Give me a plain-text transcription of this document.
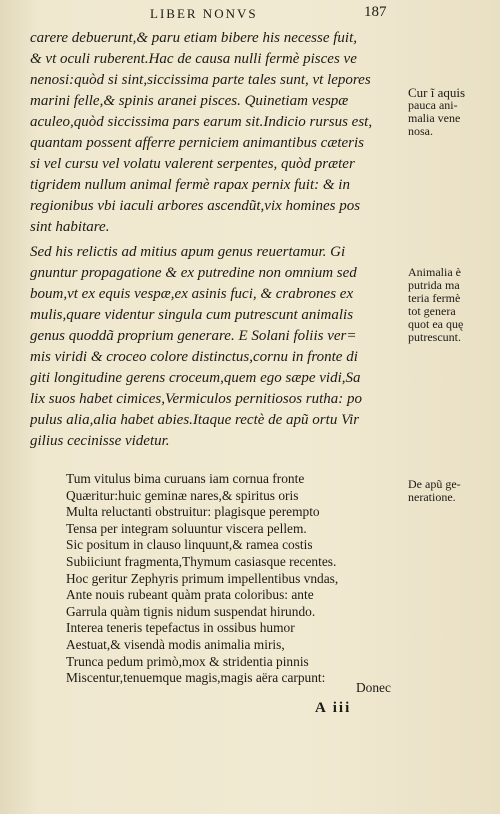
LIBER NONVS	187
carere debuerunt,& paru etiam bibere his necesse fuit,
& vt oculi ruberent.Hac de causa nulli fermè pisces ve
nenosi:quòd si sint,siccissima parte tales sunt, vt lepores
marini felle,& spinis aranei pisces. Quinetiam vespæ
aculeo,quòd siccissima pars earum sit.Indicio rursus est,
quantam possent afferre perniciem animantibus cæteris
si vel cursu vel volatu valerent serpentes, quòd præter
tigridem nullum animal fermè rapax pernix fuit: & in
regionibus vbi iaculi arbores ascendũt,vix homines pos
sint habitare.
Sed his relictis ad mitius apum genus reuertamur. Gi
gnuntur propagatione & ex putredine non omnium sed
boum,vt ex equis vespæ,ex asinis fuci, & crabrones ex
mulis,quare videntur singula cum putrescunt animalis
genus quoddã proprium generare. E Solani foliis ver=
mis viridi & croceo colore distinctus,cornu in fronte di
giti longitudine gerens croceum,quem ego sæpe vidi,Sa
lix suos habet cimices,Vermiculos pernitiosos rutha: po
pulus alia,alia habet abies.Itaque rectè de apũ ortu Vir
gilius cecinisse videtur.
Tum vitulus bima curuans iam cornua fronte
Quæritur:huic geminæ nares,& spiritus oris
Multa reluctanti obstruitur: plagisque perempto
Tensa per integram soluuntur viscera pellem.
Sic positum in clauso linquunt,& ramea costis
Subiiciunt fragmenta,Thymum casiasque recentes.
Hoc geritur Zephyris primum impellentibus vndas,
Ante nouis rubeant quàm prata coloribus: ante
Garrula quàm tignis nidum suspendat hirundo.
Interea teneris tepefactus in ossibus humor
Aestuat,& visendà modis animalia miris,
Trunca pedum primò,mox & stridentia pinnis
Miscentur,tenuemque magis,magis aëra carpunt:
Cur ĩ aquis
pauca ani-
malia vene
nosa.
Animalia è
putrida ma
teria fermè
tot genera
quot ea quę
putrescunt.
De apũ ge-
neratione.
Donec
A iii
